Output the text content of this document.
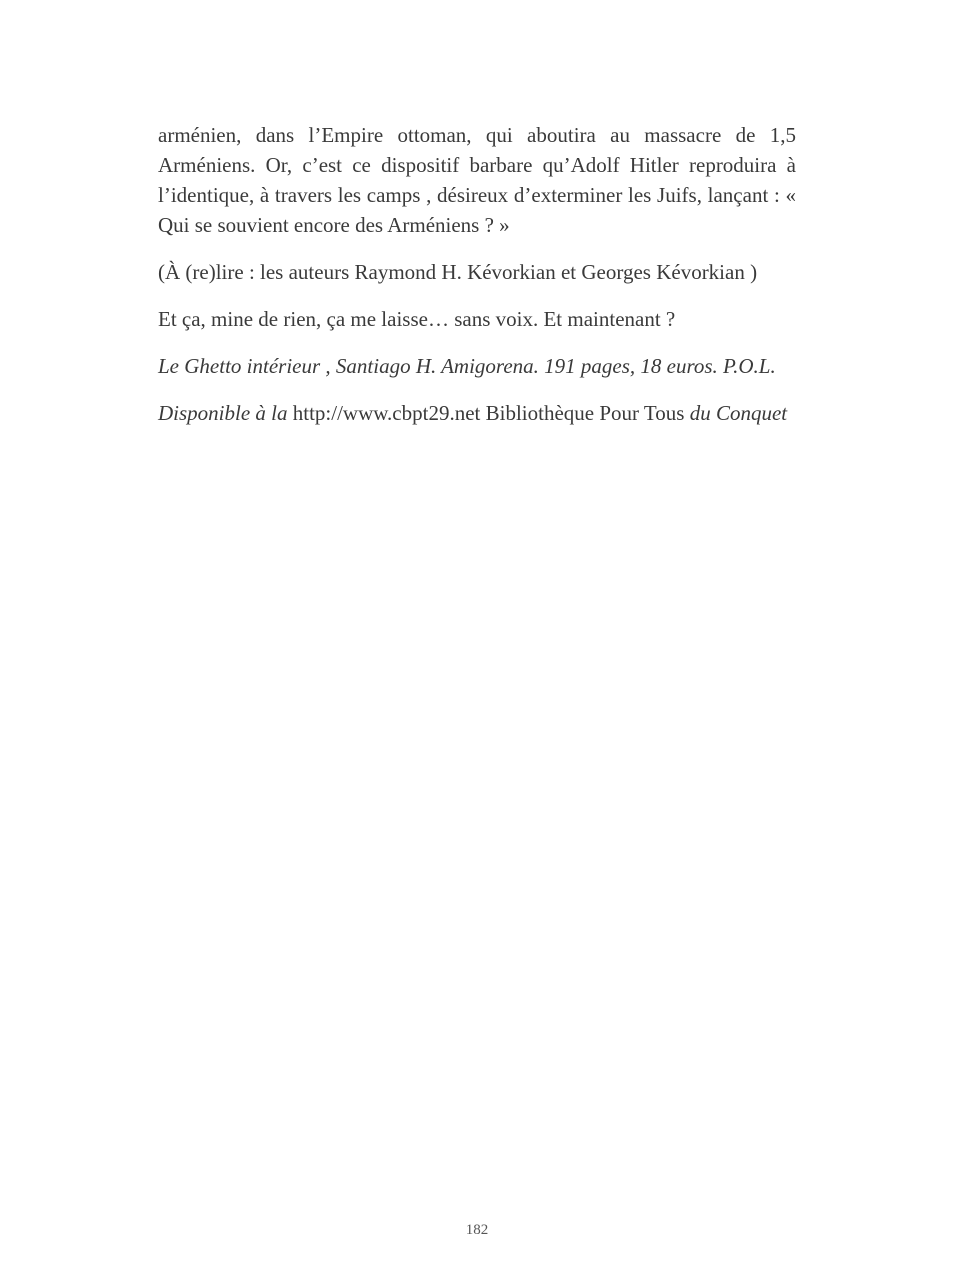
arménien, dans l’Empire ottoman, qui aboutira au massacre de 1,5 Arméniens. Or, c’est ce dispositif barbare qu’Adolf Hitler reproduira à l’identique, à travers les camps , désireux d’exterminer les Juifs, lançant : « Qui se souvient encore des Arméniens ? »

(À (re)lire : les auteurs Raymond H. Kévorkian et Georges Kévorkian )

Et ça, mine de rien, ça me laisse… sans voix. Et maintenant ?

Le Ghetto intérieur , Santiago H. Amigorena. 191 pages, 18 euros. P.O.L.

Disponible à la http://www.cbpt29.net Bibliothèque Pour Tous du Conquet

182
